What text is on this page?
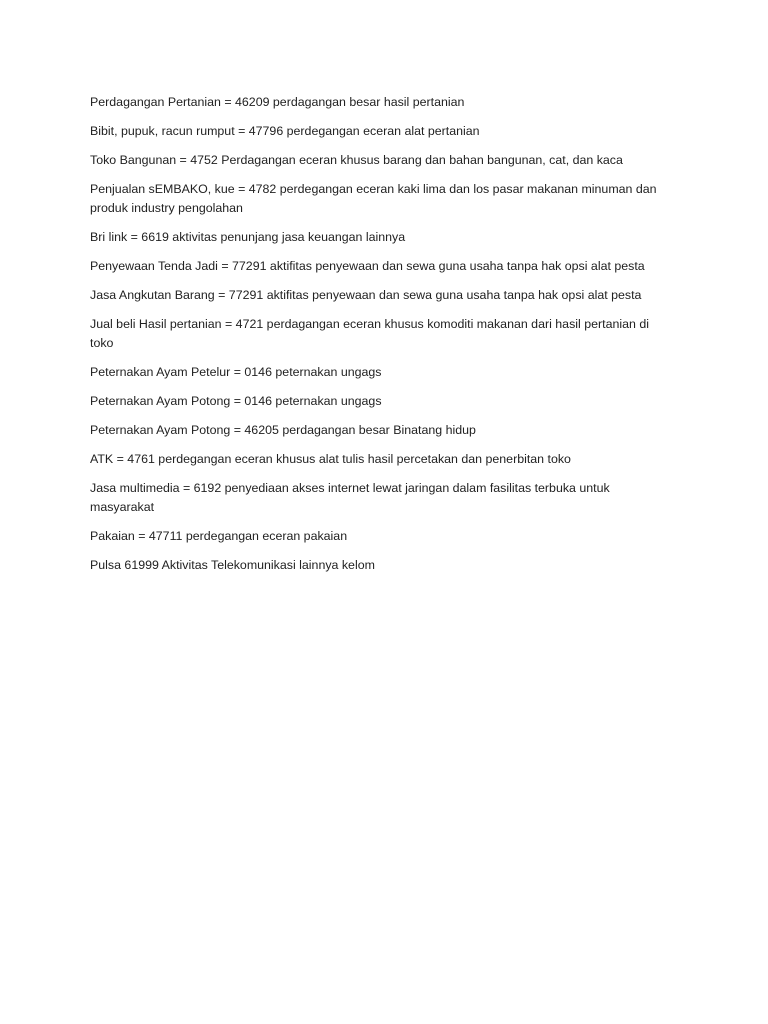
Perdagangan Pertanian = 46209 perdagangan besar hasil pertanian

Bibit, pupuk, racun rumput = 47796 perdegangan eceran alat pertanian

Toko Bangunan = 4752 Perdagangan eceran khusus barang dan bahan bangunan, cat, dan kaca

Penjualan sEMBAKO, kue = 4782 perdegangan eceran kaki lima dan los pasar makanan minuman dan produk industry pengolahan

Bri link = 6619 aktivitas penunjang jasa keuangan lainnya

Penyewaan Tenda Jadi = 77291 aktifitas penyewaan dan sewa guna usaha tanpa hak opsi alat pesta

Jasa Angkutan Barang = 77291 aktifitas penyewaan dan sewa guna usaha tanpa hak opsi alat pesta

Jual beli Hasil pertanian = 4721 perdagangan eceran khusus komoditi makanan dari hasil pertanian di toko

Peternakan Ayam Petelur = 0146 peternakan ungags

Peternakan Ayam Potong = 0146 peternakan ungags

Peternakan Ayam Potong = 46205 perdagangan besar Binatang hidup

ATK = 4761 perdegangan eceran khusus alat tulis hasil percetakan dan penerbitan toko

Jasa multimedia = 6192 penyediaan akses internet lewat jaringan dalam fasilitas terbuka untuk masyarakat

Pakaian = 47711 perdegangan eceran pakaian

Pulsa 61999 Aktivitas Telekomunikasi lainnya kelom
